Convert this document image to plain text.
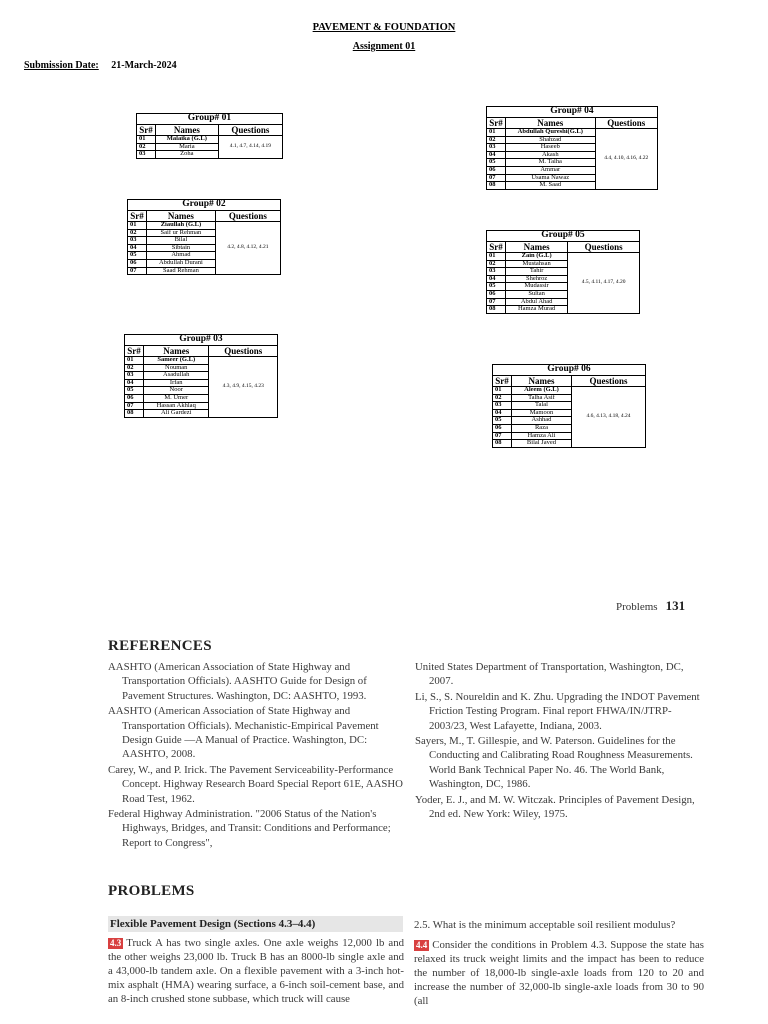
PAVEMENT & FOUNDATION
Assignment 01
Submission Date: 21-March-2024
Group# 01		
Sr#	Names	Questions
01	Malaika (G.L)	4.1, 4.7, 4.14, 4.19
02	Maria	
03	Zoha	
Group# 02		
Sr#	Names	Questions
01	Ziaullah (G.L)	4.2, 4.8, 4.12, 4.21
02	Saif ur Rehman	
03	Bilal	
04	Sibtain	
05	Ahmad	
06	Abdullah Durani	
07	Saad Rehman	
Group# 03		
Sr#	Names	Questions
01	Sameer (G.L)	4.3, 4.9, 4.15, 4.23
02	Nouman	
03	Asadullah	
04	Irfan	
05	Noor	
06	M. Umer	
07	Hassan Akhlaq	
08	Ali Gardezi	
Group# 04		
Sr#	Names	Questions
01	Abdullah Qureshi(G.L)	4.4, 4.10, 4.16, 4.22
02	Shahzad	
03	Haseeb	
04	Akash	
05	M. Talha	
06	Ammar	
07	Usama Nawaz	
08	M. Saad	
Group# 05		
Sr#	Names	Questions
01	Zain (G.L)	4.5, 4.11, 4.17, 4.20
02	Mustahsan	
03	Tahir	
04	Shehroz	
05	Mudassir	
06	Sultan	
07	Abdul Ahad	
08	Hamza Murad	
Group# 06		
Sr#	Names	Questions
01	Aleem (G.L)	4.6, 4.13, 4.18, 4.24
02	Talha Asif	
03	Talal	
04	Mamoon	
05	Ashhad	
06	Raza	
07	Hamza Ali	
08	Bilal Javed	
Problems 131
REFERENCES

AASHTO (American Association of State Highway and Transportation Officials). AASHTO Guide for Design of Pavement Structures. Washington, DC: AASHTO, 1993.

AASHTO (American Association of State Highway and Transportation Officials). Mechanistic-Empirical Pavement Design Guide —A Manual of Practice. Washington, DC: AASHTO, 2008.

Carey, W., and P. Irick. The Pavement Serviceability-Performance Concept. Highway Research Board Special Report 61E, AASHO Road Test, 1962.

Federal Highway Administration. "2006 Status of the Nation's Highways, Bridges, and Transit: Conditions and Performance; Report to Congress",

United States Department of Transportation, Washington, DC, 2007.

Li, S., S. Noureldin and K. Zhu. Upgrading the INDOT Pavement Friction Testing Program. Final report FHWA/IN/JTRP-2003/23, West Lafayette, Indiana, 2003.

Sayers, M., T. Gillespie, and W. Paterson. Guidelines for the Conducting and Calibrating Road Roughness Measurements. World Bank Technical Paper No. 46. The World Bank, Washington, DC, 1986.

Yoder, E. J., and M. W. Witczak. Principles of Pavement Design, 2nd ed. New York: Wiley, 1975.

PROBLEMS
Flexible Pavement Design (Sections 4.3–4.4)

4.3 Truck A has two single axles. One axle weighs 12,000 lb and the other weighs 23,000 lb. Truck B has an 8000-lb single axle and a 43,000-lb tandem axle. On a flexible pavement with a 3-inch hot-mix asphalt (HMA) wearing surface, a 6-inch soil-cement base, and an 8-inch crushed stone subbase, which truck will cause

2.5. What is the minimum acceptable soil resilient modulus?

4.4 Consider the conditions in Problem 4.3. Suppose the state has relaxed its truck weight limits and the impact has been to reduce the number of 18,000-lb single-axle loads from 120 to 20 and increase the number of 32,000-lb single-axle loads from 30 to 90 (all
